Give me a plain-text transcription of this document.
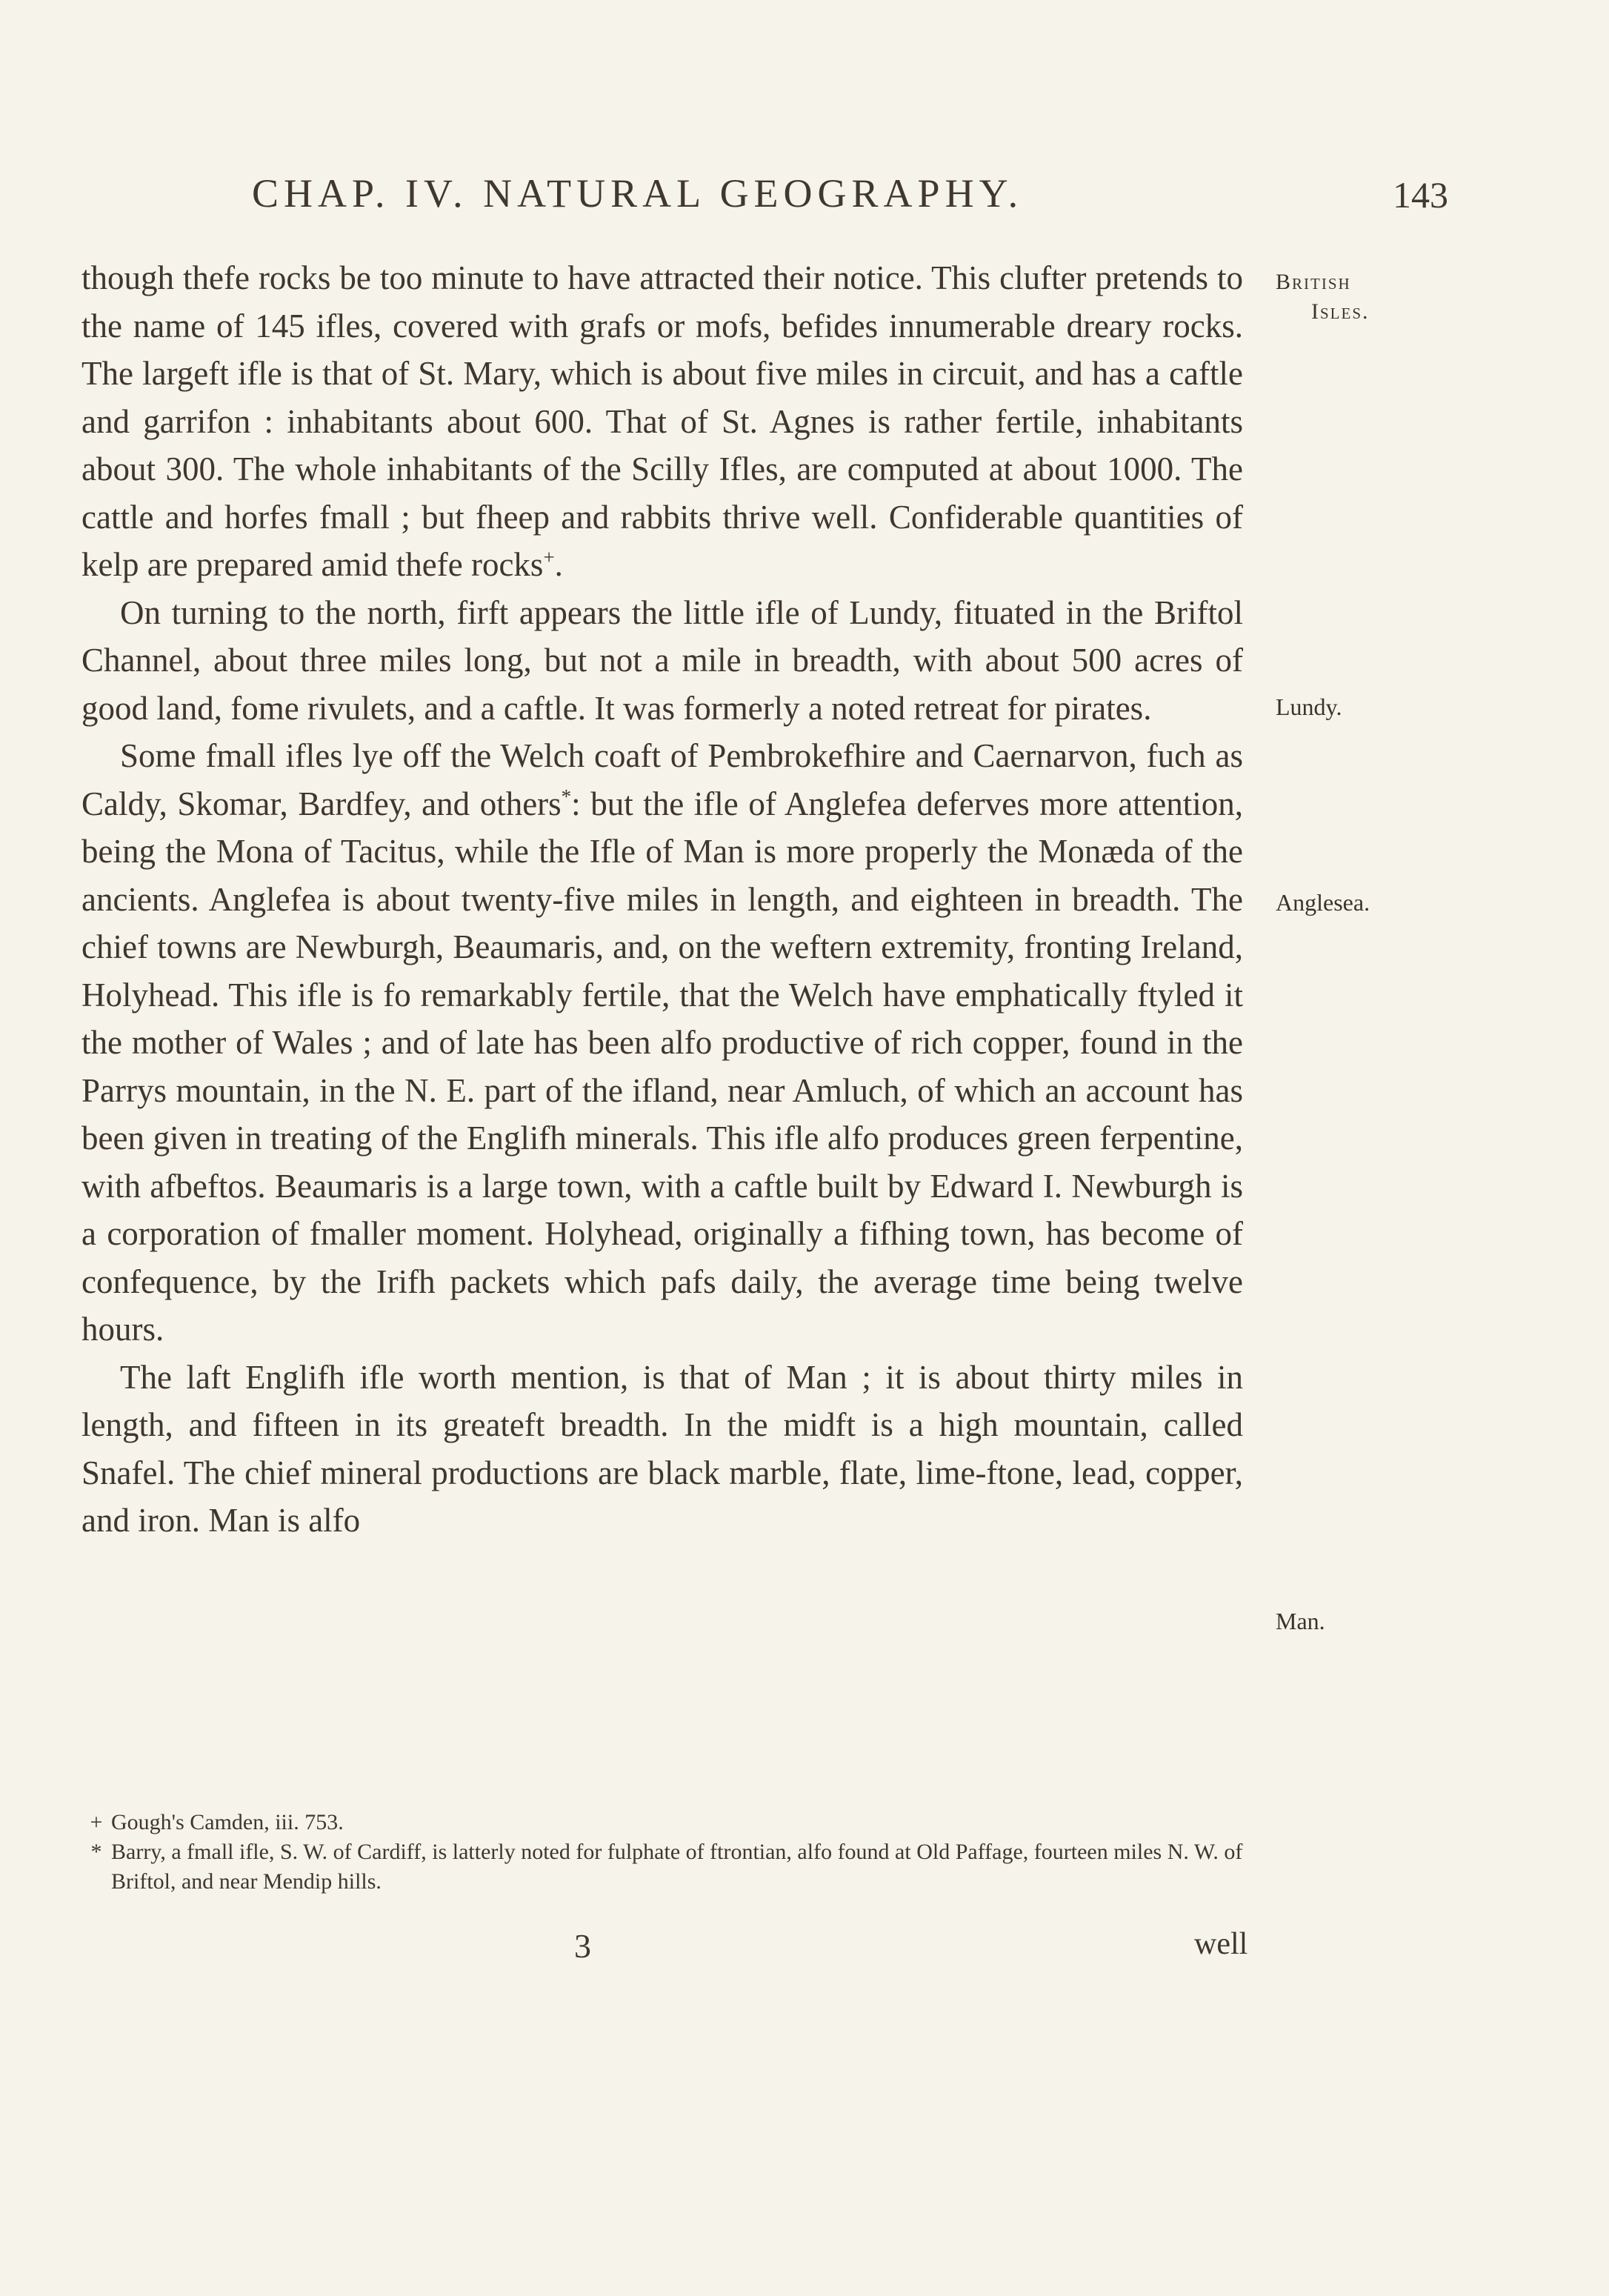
CHAP. IV. NATURAL GEOGRAPHY.	143
British
Isles.
Lundy.
Anglesea.
Man.

though thefe rocks be too minute to have attracted their notice. This clufter pretends to the name of 145 ifles, covered with grafs or mofs, befides innumerable dreary rocks. The largeft ifle is that of St. Mary, which is about five miles in circuit, and has a caftle and garrifon : inhabitants about 600. That of St. Agnes is rather fertile, inhabitants about 300. The whole inhabitants of the Scilly Ifles, are computed at about 1000. The cattle and horfes fmall ; but fheep and rabbits thrive well. Confiderable quantities of kelp are prepared amid thefe rocks+.

On turning to the north, firft appears the little ifle of Lundy, fituated in the Briftol Channel, about three miles long, but not a mile in breadth, with about 500 acres of good land, fome rivulets, and a caftle. It was formerly a noted retreat for pirates.

Some fmall ifles lye off the Welch coaft of Pembrokefhire and Caernarvon, fuch as Caldy, Skomar, Bardfey, and others*: but the ifle of Anglefea deferves more attention, being the Mona of Tacitus, while the Ifle of Man is more properly the Monæda of the ancients. Anglefea is about twenty-five miles in length, and eighteen in breadth. The chief towns are Newburgh, Beaumaris, and, on the weftern extremity, fronting Ireland, Holyhead. This ifle is fo remarkably fertile, that the Welch have emphatically ftyled it the mother of Wales ; and of late has been alfo productive of rich copper, found in the Parrys mountain, in the N. E. part of the ifland, near Amluch, of which an account has been given in treating of the Englifh minerals. This ifle alfo produces green ferpentine, with afbeftos. Beaumaris is a large town, with a caftle built by Edward I. Newburgh is a corporation of fmaller moment. Holyhead, originally a fifhing town, has become of confequence, by the Irifh packets which pafs daily, the average time being twelve hours.

The laft Englifh ifle worth mention, is that of Man ; it is about thirty miles in length, and fifteen in its greateft breadth. In the midft is a high mountain, called Snafel. The chief mineral productions are black marble, flate, lime-ftone, lead, copper, and iron. Man is alfo

+ Gough's Camden, iii. 753.

* Barry, a fmall ifle, S. W. of Cardiff, is latterly noted for fulphate of ftrontian, alfo found at Old Paffage, fourteen miles N. W. of Briftol, and near Mendip hills.

3	well
